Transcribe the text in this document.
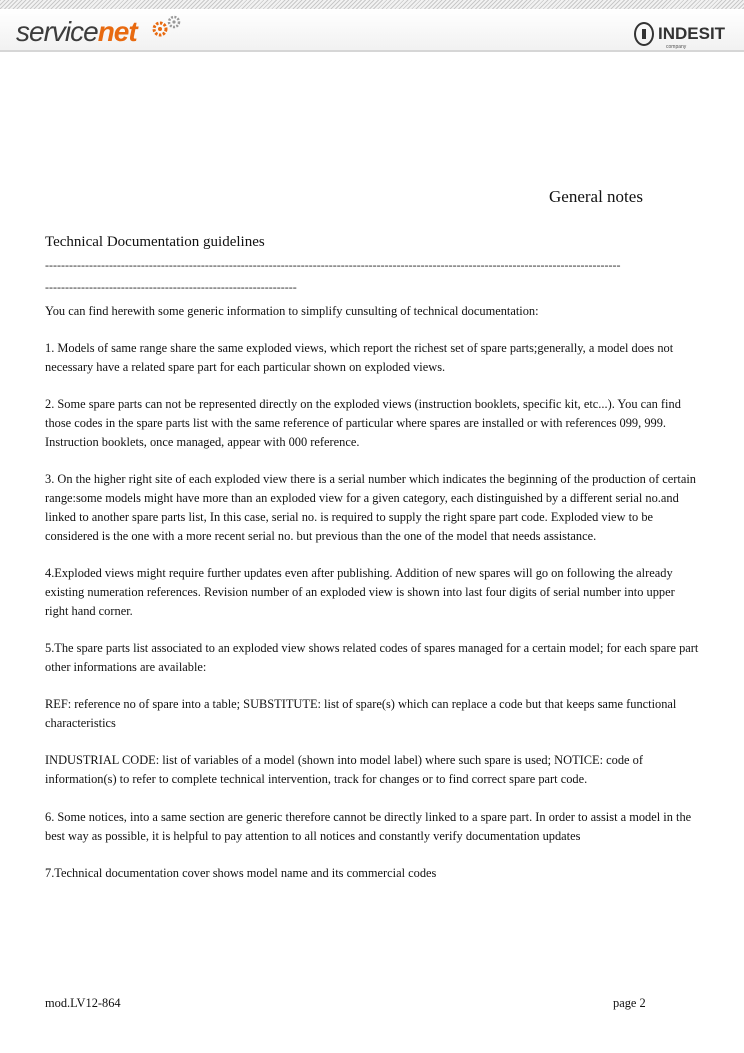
servicenet	INDESIT
company
General notes
Technical Documentation guidelines
------------------------------------------------------------------------------------------------------------------------------------------------
---------------------------------------------------------------

You can find herewith some generic information to simplify cunsulting of technical documentation:

1. Models of same range share the same exploded views, which report the richest set of spare parts;generally, a model does not necessary have a related spare part for each particular shown on exploded views.

2. Some spare parts can not be represented directly on the exploded views (instruction booklets, specific kit, etc...). You can find those codes in the spare parts list with the same reference of particular where spares are installed or with references 099, 999. Instruction booklets, once managed, appear with 000 reference.

3. On the higher right site of each exploded view there is a serial number which indicates the beginning of the production of certain range:some models might have more than an exploded view for a given category, each distinguished by a different serial no.and linked to another spare parts list, In this case, serial no. is required to supply the right spare part code. Exploded view to be considered is the one with a more recent serial no. but previous than the one of the model that needs assistance.

4.Exploded views might require further updates even after publishing. Addition of new spares will go on following the already existing numeration references. Revision number of an exploded view is shown into last four digits of serial number into upper right hand corner.

5.The spare parts list associated to an exploded view shows related codes of spares managed for a certain model; for each spare part other informations are available:

REF: reference no of spare into a table; SUBSTITUTE: list of spare(s) which can replace a code but that keeps same functional characteristics

INDUSTRIAL CODE: list of variables of a model (shown into model label) where such spare is used; NOTICE: code of information(s) to refer to complete technical intervention, track for changes or to find correct spare part code.

6. Some notices, into a same section are generic therefore cannot be directly linked to a spare part. In order to assist a model in the best way as possible, it is helpful to pay attention to all notices and constantly verify documentation updates

7.Technical documentation cover shows model name and its commercial codes

mod.LV12-864	page 2
